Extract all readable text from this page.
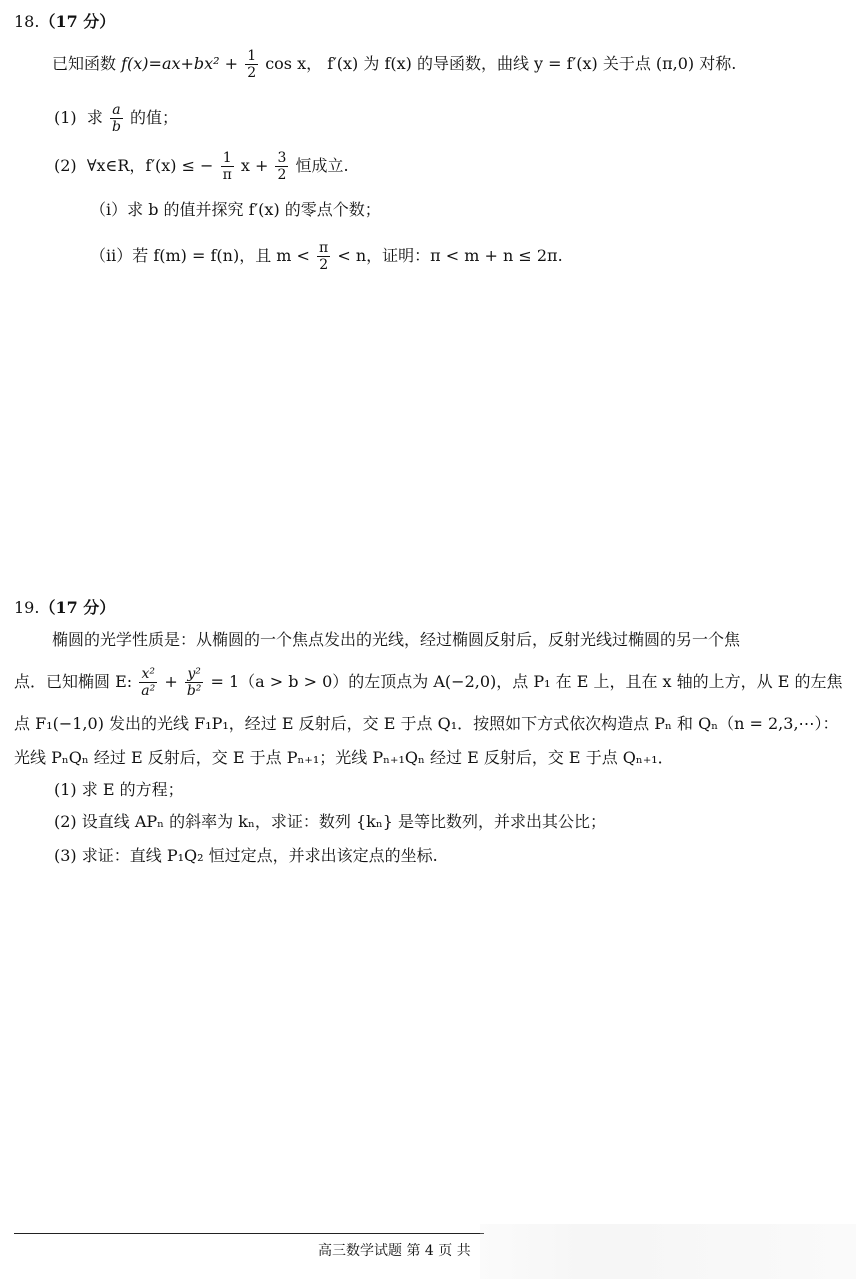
18.（17 分）
已知函数 $f(x)=ax+bx^2 + \frac{1}{2}$ cos x， f′(x) 为 f(x) 的导函数，曲线 y = f′(x) 关于点 (π,0) 对称.
(1) 求 $\frac{a}{b}$ 的值；
(2) ∀x∈R，f′(x) ≤ − $\frac{1}{\pi}$ $x + \frac{3}{2}$ 恒成立.
（ⅰ）求 b 的值并探究 f′(x) 的零点个数；
（ⅱ）若 f(m) = f(n)，且 $m < \frac{\pi}{2} < n$，证明：π < m + n ≤ 2π.
19.（17 分）
椭圆的光学性质是：从椭圆的一个焦点发出的光线，经过椭圆反射后，反射光线过椭圆的另一个焦
点．已知椭圆 E: $\frac{\text{x²}}{\text{a²}} + \frac{\text{y²}}{\text{b²}} = 1(a > b > 0)$的左顶点为 A(−2,0)，点 P₁ 在 E 上，且在 x 轴的上方，从 E 的左焦
点 F₁(−1,0) 发出的光线 F₁P₁，经过 E 反射后，交 E 于点 Q₁．按照如下方式依次构造点 Pₙ 和 Qₙ（n = 2,3,⋯）：
光线 PₙQₙ 经过 E 反射后，交 E 于点 Pₙ₊₁；光线 Pₙ₊₁Qₙ 经过 E 反射后，交 E 于点 Qₙ₊₁．
(1) 求 E 的方程；
(2) 设直线 APₙ 的斜率为 kₙ，求证：数列 {kₙ} 是等比数列，并求出其公比；
(3) 求证：直线 P₁Q₂ 恒过定点，并求出该定点的坐标.
高三数学试题 第 4 页 共
